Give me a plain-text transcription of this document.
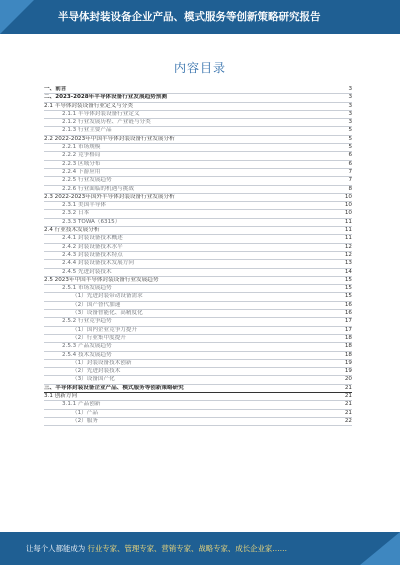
半导体封装设备企业产品、模式服务等创新策略研究报告
内容目录
一、前言	3
二、2023-2028年半导体设备行业发展趋势预测	3
2.1 半导体封装设备行业定义与分类	3
2.1.1 半导体封装设备行业定义	3
2.1.2 行业发展历程、产业链与分类	3
2.1.3 行业主要产品	5
2.2 2022-2023年中国半导体封装设备行业发展分析	5
2.2.1 市场规模	5
2.2.2 竞争格局	6
2.2.3 区域分布	6
2.2.4 下游应用	7
2.2.5 行业发展趋势	7
2.2.6 行业面临的机遇与挑战	8
2.3 2022-2023年国外半导体封装设备行业发展分析	10
2.3.1 美国半导体	10
2.3.2 日本	10
2.3.3 TOWA（6315）	11
2.4 行业技术发展分析	11
2.4.1 封装设备技术概述	11
2.4.2 封装设备技术水平	12
2.4.3 封装设备技术特点	12
2.4.4 封装设备技术发展方向	13
2.4.5 先进封装技术	14
2.5 2023年中国半导体封装设备行业发展趋势	15
2.5.1 市场发展趋势	15
（1）先进封装带动设备需求	15
（2）国产替代加速	16
（3）设备智能化、高精度化	16
2.5.2 行业竞争趋势	17
（1）国内企业竞争力提升	17
（2）行业集中度提升	18
2.5.3 产品发展趋势	18
2.5.4 技术发展趋势	18
（1）封装设备技术创新	19
（2）先进封装技术	19
（3）设备国产化	20
三、半导体封装设备企业产品、模式服务等创新策略研究	21
3.1 创新方向	21
3.1.1 产品创新	21
（1）产品	21
（2）服务	22
让每个人都能成为 行业专家、管理专家、营销专家、战略专家、成长企业家……
